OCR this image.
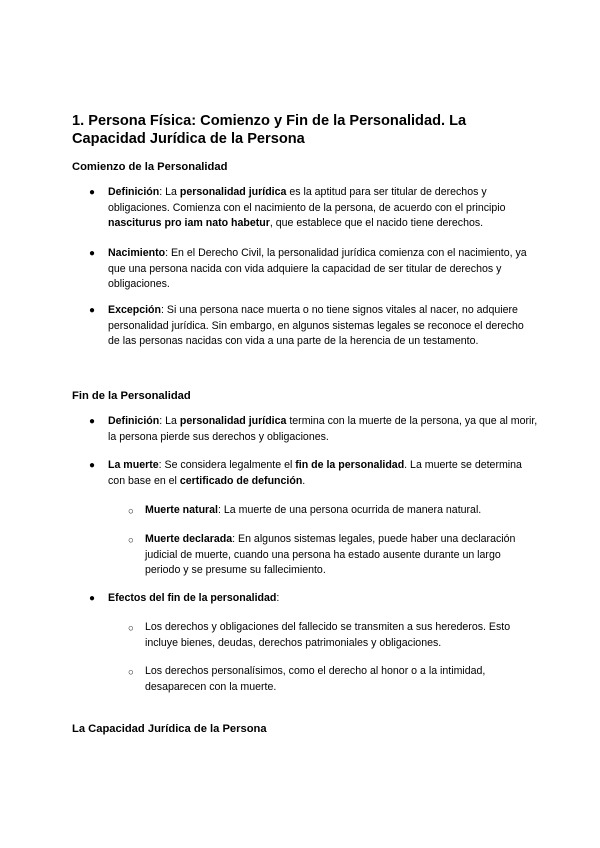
1. Persona Física: Comienzo y Fin de la Personalidad. La Capacidad Jurídica de la Persona
Comienzo de la Personalidad
● Definición: La personalidad jurídica es la aptitud para ser titular de derechos y obligaciones. Comienza con el nacimiento de la persona, de acuerdo con el principio nasciturus pro iam nato habetur, que establece que el nacido tiene derechos.

● Nacimiento: En el Derecho Civil, la personalidad jurídica comienza con el nacimiento, ya que una persona nacida con vida adquiere la capacidad de ser titular de derechos y obligaciones.

● Excepción: Si una persona nace muerta o no tiene signos vitales al nacer, no adquiere personalidad jurídica. Sin embargo, en algunos sistemas legales se reconoce el derecho de las personas nacidas con vida a una parte de la herencia de un testamento.

Fin de la Personalidad
● Definición: La personalidad jurídica termina con la muerte de la persona, ya que al morir, la persona pierde sus derechos y obligaciones.

● La muerte: Se considera legalmente el fin de la personalidad. La muerte se determina con base en el certificado de defunción.

○ Muerte natural: La muerte de una persona ocurrida de manera natural.

○ Muerte declarada: En algunos sistemas legales, puede haber una declaración judicial de muerte, cuando una persona ha estado ausente durante un largo periodo y se presume su fallecimiento.

● Efectos del fin de la personalidad:

○ Los derechos y obligaciones del fallecido se transmiten a sus herederos. Esto incluye bienes, deudas, derechos patrimoniales y obligaciones.

○ Los derechos personalísimos, como el derecho al honor o a la intimidad, desaparecen con la muerte.

La Capacidad Jurídica de la Persona
